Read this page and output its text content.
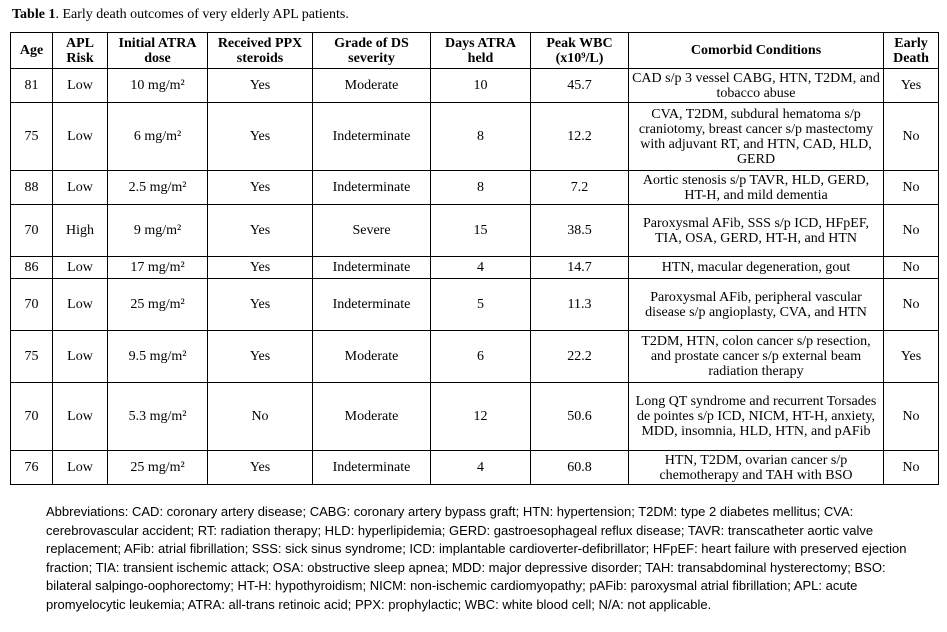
Table 1. Early death outcomes of very elderly APL patients.
Age	APL Risk	Initial ATRA dose	Received PPX steroids	Grade of DS severity	Days ATRA held	Peak WBC (x10⁹/L)	Comorbid Conditions	Early Death
81	Low	10 mg/m²	Yes	Moderate	10	45.7	CAD s/p 3 vessel CABG, HTN, T2DM, and tobacco abuse	Yes
75	Low	6 mg/m²	Yes	Indeterminate	8	12.2	CVA, T2DM, subdural hematoma s/p craniotomy, breast cancer s/p mastectomy with adjuvant RT, and HTN, CAD, HLD, GERD	No
88	Low	2.5 mg/m²	Yes	Indeterminate	8	7.2	Aortic stenosis s/p TAVR, HLD, GERD, HT-H, and mild dementia	No
70	High	9 mg/m²	Yes	Severe	15	38.5	Paroxysmal AFib, SSS s/p ICD, HFpEF, TIA, OSA, GERD, HT-H, and HTN	No
86	Low	17 mg/m²	Yes	Indeterminate	4	14.7	HTN, macular degeneration, gout	No
70	Low	25 mg/m²	Yes	Indeterminate	5	11.3	Paroxysmal AFib, peripheral vascular disease s/p angioplasty, CVA, and HTN	No
75	Low	9.5 mg/m²	Yes	Moderate	6	22.2	T2DM, HTN, colon cancer s/p resection, and prostate cancer s/p external beam radiation therapy	Yes
70	Low	5.3 mg/m²	No	Moderate	12	50.6	Long QT syndrome and recurrent Torsades de pointes s/p ICD, NICM, HT-H, anxiety, MDD, insomnia, HLD, HTN, and pAFib	No
76	Low	25 mg/m²	Yes	Indeterminate	4	60.8	HTN, T2DM, ovarian cancer s/p chemotherapy and TAH with BSO	No
Abbreviations: CAD: coronary artery disease; CABG: coronary artery bypass graft; HTN: hypertension; T2DM: type 2 diabetes mellitus; CVA: cerebrovascular accident; RT: radiation therapy; HLD: hyperlipidemia; GERD: gastroesophageal reflux disease; TAVR: transcatheter aortic valve replacement; AFib: atrial fibrillation; SSS: sick sinus syndrome; ICD: implantable cardioverter-defibrillator; HFpEF: heart failure with preserved ejection fraction; TIA: transient ischemic attack; OSA: obstructive sleep apnea; MDD: major depressive disorder; TAH: transabdominal hysterectomy; BSO: bilateral salpingo-oophorectomy; HT-H: hypothyroidism; NICM: non-ischemic cardiomyopathy; pAFib: paroxysmal atrial fibrillation; APL: acute promyelocytic leukemia; ATRA: all-trans retinoic acid; PPX: prophylactic; WBC: white blood cell; N/A: not applicable.
